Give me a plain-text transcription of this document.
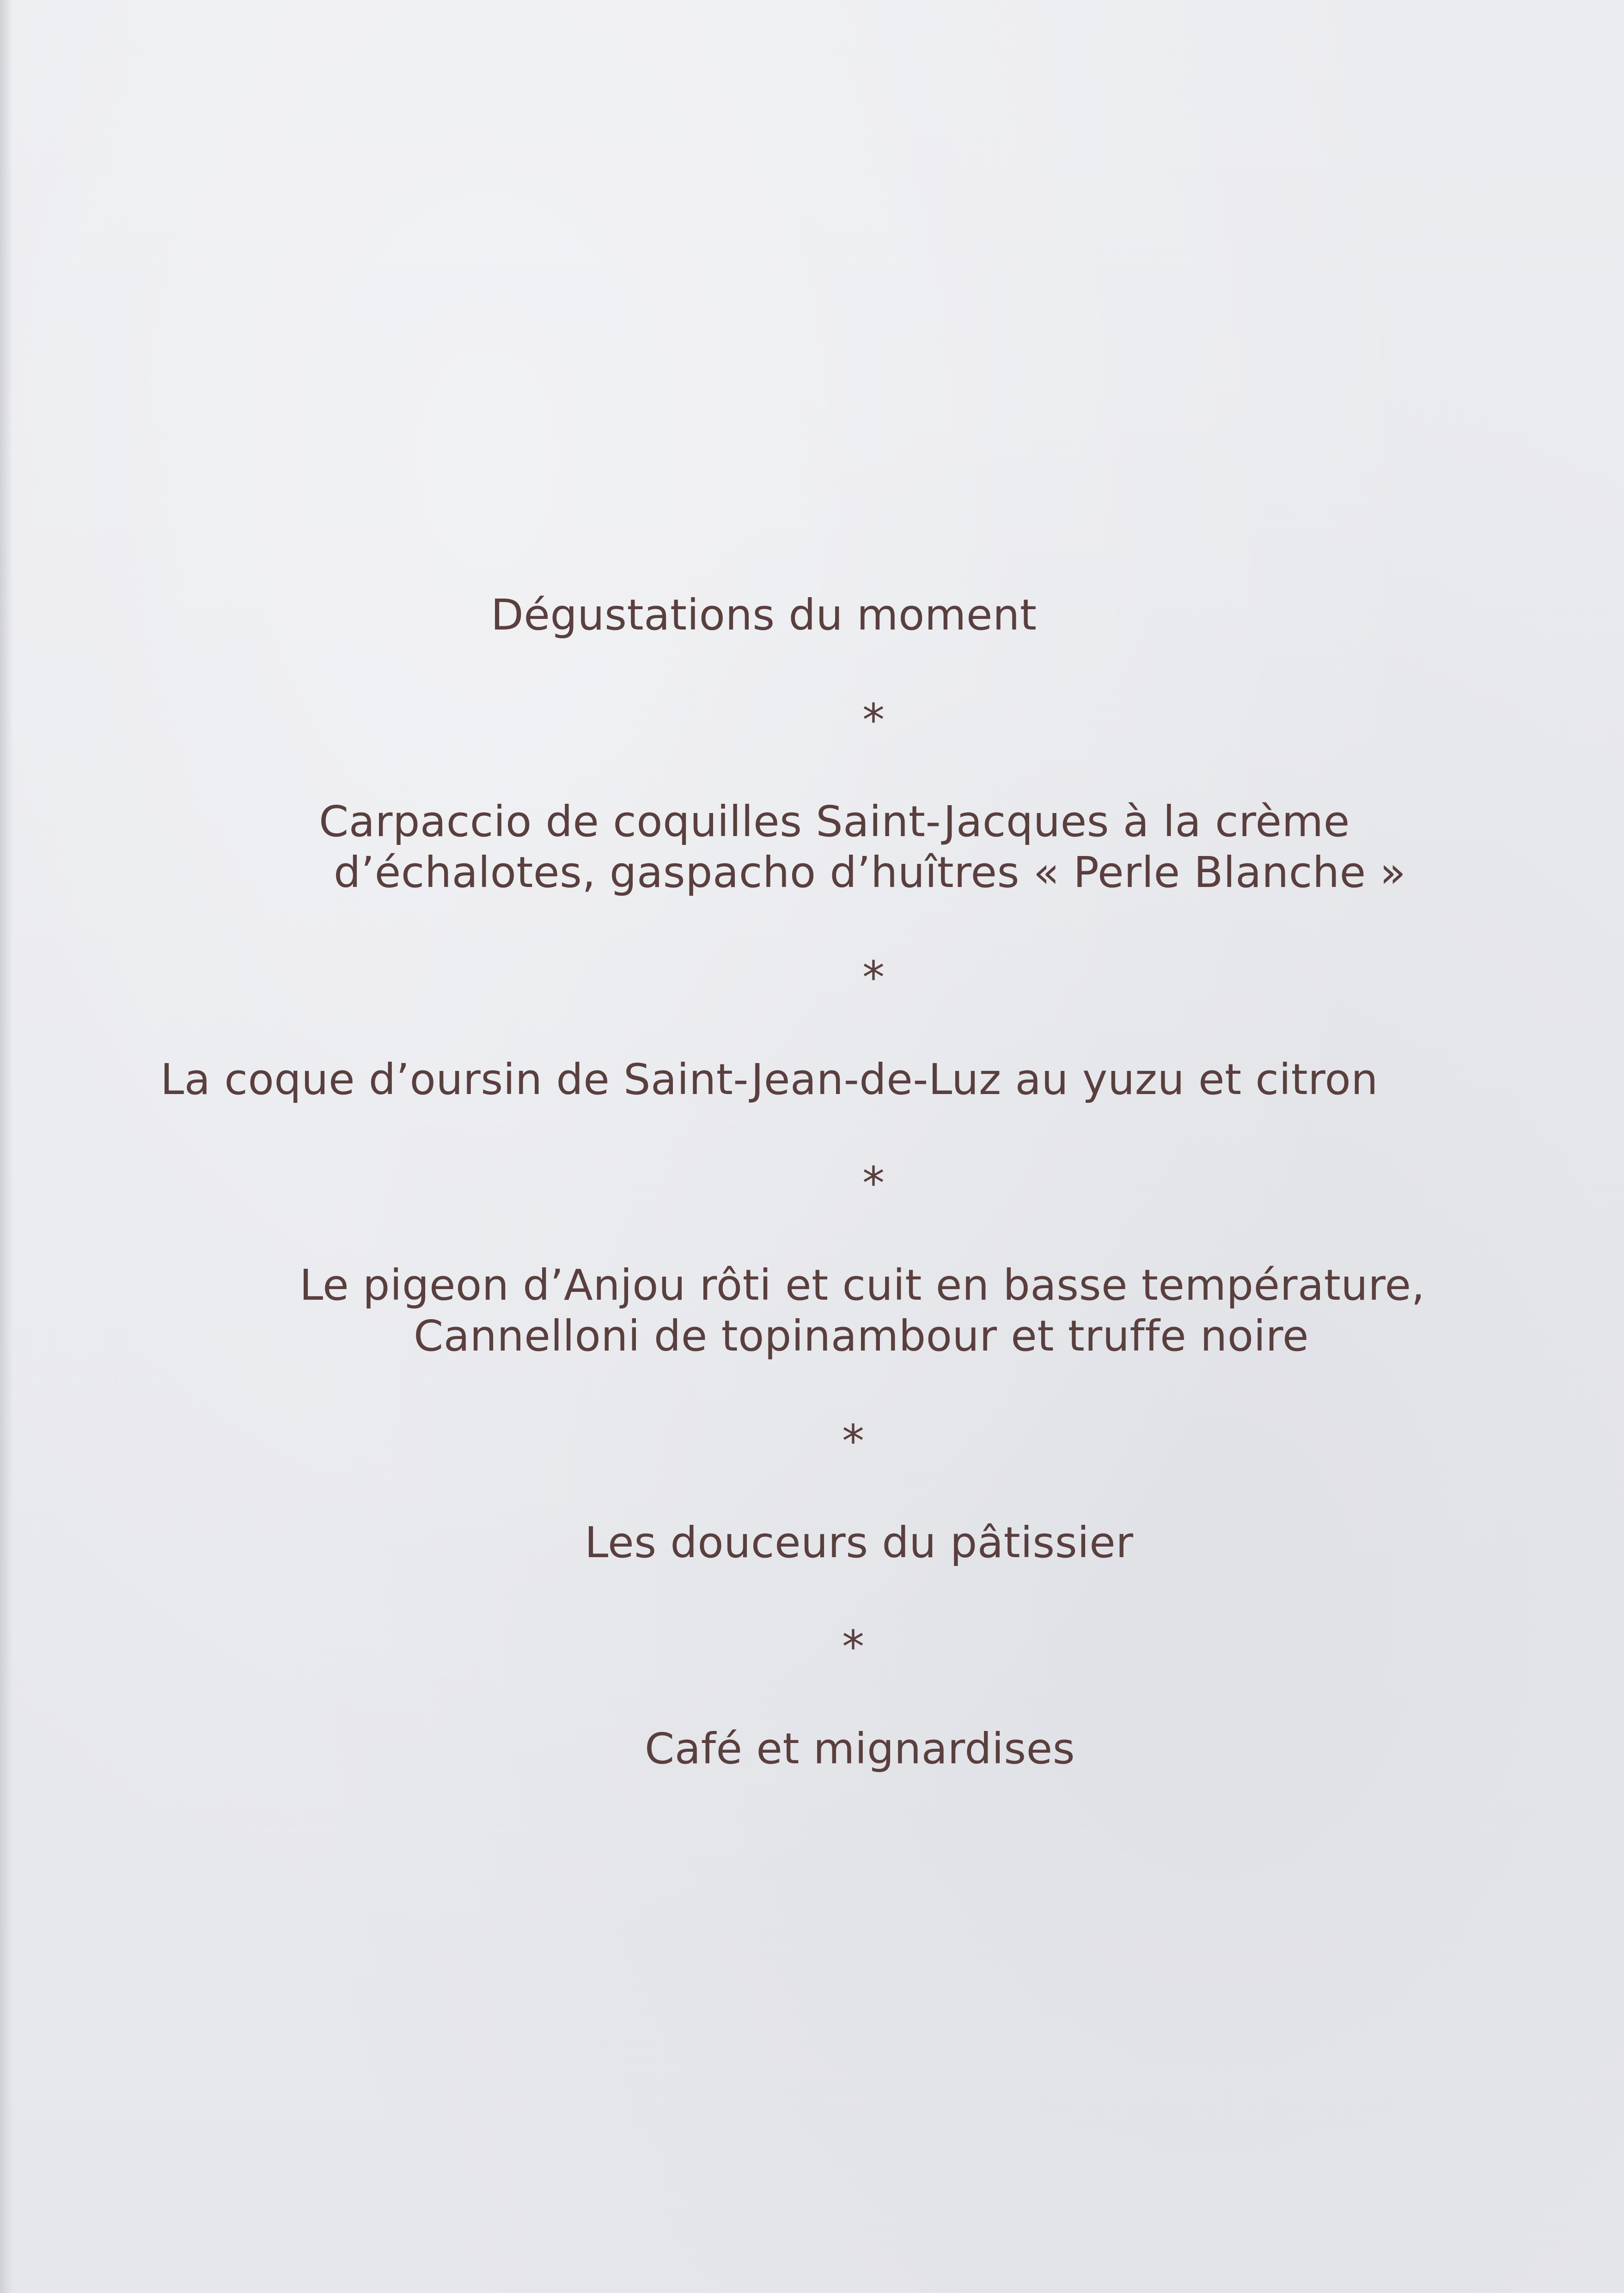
Dégustations du moment
*
Carpaccio de coquilles Saint-Jacques à la crème
d’échalotes, gaspacho d’huîtres « Perle Blanche »
*
La coque d’oursin de Saint-Jean-de-Luz au yuzu et citron
*
Le pigeon d’Anjou rôti et cuit en basse température,
Cannelloni de topinambour et truffe noire
*
Les douceurs du pâtissier
*
Café et mignardises
